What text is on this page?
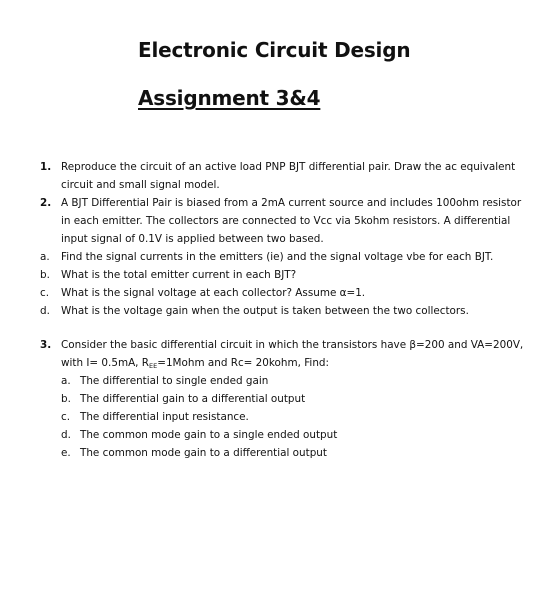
Electronic Circuit Design
Assignment 3&4
1. Reproduce the circuit of an active load PNP BJT differential pair. Draw the ac equivalent
circuit and small signal model.
2. A BJT Differential Pair is biased from a 2mA current source and includes 100ohm resistor
in each emitter. The collectors are connected to Vcc via 5kohm resistors. A differential
input signal of 0.1V is applied between two based.
a. Find the signal currents in the emitters (ie) and the signal voltage vbe for each BJT.
b. What is the total emitter current in each BJT?
c. What is the signal voltage at each collector? Assume α=1.
d. What is the voltage gain when the output is taken between the two collectors.
3. Consider the basic differential circuit in which the transistors have β=200 and VA=200V,
with I= 0.5mA, $R_{EE}=1Mohm$ and Rc= 20kohm, Find:
a. The differential to single ended gain
b. The differential gain to a differential output
c. The differential input resistance.
d. The common mode gain to a single ended output
e. The common mode gain to a differential output
